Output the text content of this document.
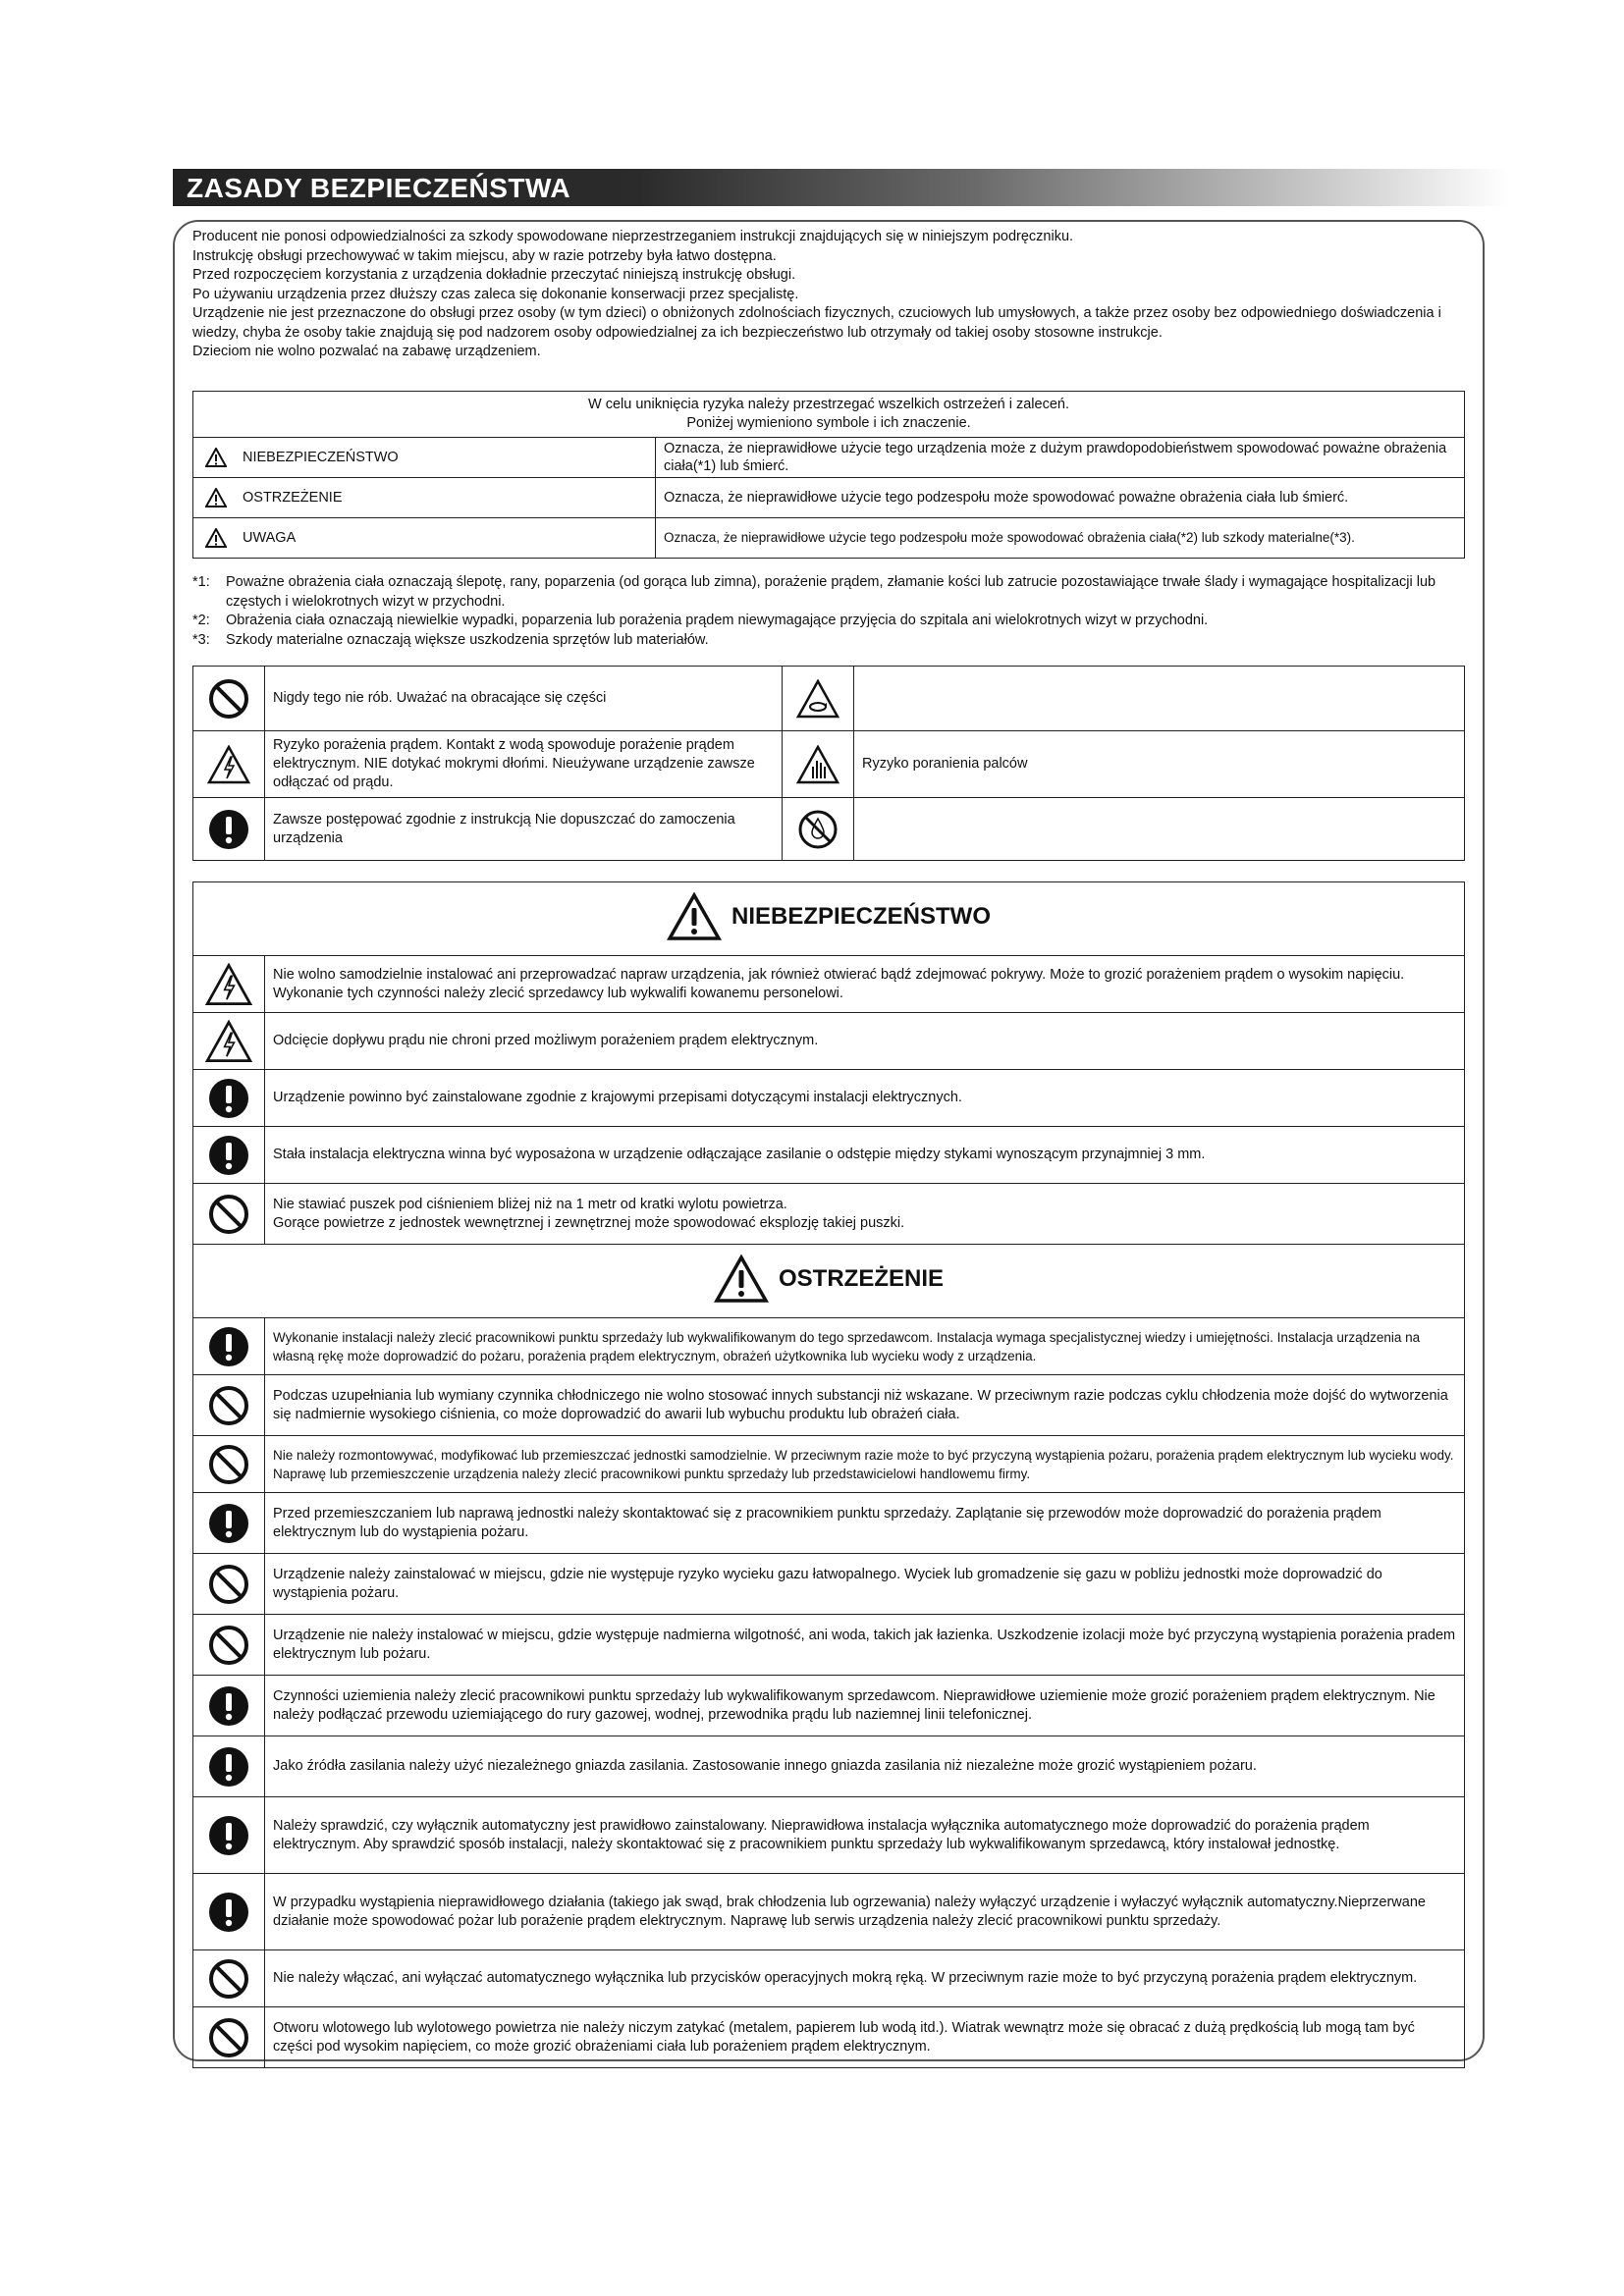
ZASADY BEZPIECZEŃSTWA

Producent nie ponosi odpowiedzialności za szkody spowodowane nieprzestrzeganiem instrukcji znajdujących się w niniejszym podręczniku.

Instrukcję obsługi przechowywać w takim miejscu, aby w razie potrzeby była łatwo dostępna.

Przed rozpoczęciem korzystania z urządzenia dokładnie przeczytać niniejszą instrukcję obsługi.

Po używaniu urządzenia przez dłuższy czas zaleca się dokonanie konserwacji przez specjalistę.

Urządzenie nie jest przeznaczone do obsługi przez osoby (w tym dzieci) o obniżonych zdolnościach fizycznych, czuciowych lub umysłowych, a także przez osoby bez odpowiedniego doświadczenia i wiedzy, chyba że osoby takie znajdują się pod nadzorem osoby odpowiedzialnej za ich bezpieczeństwo lub otrzymały od takiej osoby stosowne instrukcje.

Dzieciom nie wolno pozwalać na zabawę urządzeniem.

W celu uniknięcia ryzyka należy przestrzegać wszelkich ostrzeżeń i zaleceń.
Poniżej wymieniono symbole i ich znaczenie.	

NIEBEZPIECZEŃSTWO	Oznacza, że nieprawidłowe użycie tego urządzenia może z dużym prawdopodobieństwem spowodować poważne obrażenia ciała(*1) lub śmierć.

OSTRZEŻENIE	Oznacza, że nieprawidłowe użycie tego podzespołu może spowodować poważne obrażenia ciała lub śmierć.

UWAGA	Oznacza, że nieprawidłowe użycie tego podzespołu może spowodować obrażenia ciała(*2) lub szkody materialne(*3).
*1:	Poważne obrażenia ciała oznaczają ślepotę, rany, poparzenia (od gorąca lub zimna), porażenie prądem, złamanie kości lub zatrucie pozostawiające trwałe ślady i wymagające hospitalizacji lub częstych i wielokrotnych wizyt w przychodni.
*2:	Obrażenia ciała oznaczają niewielkie wypadki, poparzenia lub porażenia prądem niewymagające przyjęcia do szpitala ani wielokrotnych wizyt w przychodni.
*3:	Szkody materialne oznaczają większe uszkodzenia sprzętów lub materiałów.
	Nigdy tego nie rób. Uważać na obracające się części	

	Ryzyko porażenia prądem. Kontakt z wodą spowoduje porażenie prądem elektrycznym. NIE dotykać mokrymi dłońmi. Nieużywane urządzenie zawsze odłączać od prądu.		Ryzyko poranienia palców

	Zawsze postępować zgodnie z instrukcją Nie dopuszczać do zamoczenia urządzenia	

NIEBEZPIECZEŃSTWO	

	Nie wolno samodzielnie instalować ani przeprowadzać napraw urządzenia, jak również otwierać bądź zdejmować pokrywy. Może to grozić porażeniem prądem o wysokim napięciu. Wykonanie tych czynności należy zlecić sprzedawcy lub wykwalifi kowanemu personelowi.

	Odcięcie dopływu prądu nie chroni przed możliwym porażeniem prądem elektrycznym.

	Urządzenie powinno być zainstalowane zgodnie z krajowymi przepisami dotyczącymi instalacji elektrycznych.

	Stała instalacja elektryczna winna być wyposażona w urządzenie odłączające zasilanie o odstępie między stykami wynoszącym przynajmniej 3 mm.

	Nie stawiać puszek pod ciśnieniem bliżej niż na 1 metr od kratki wylotu powietrza.
Gorące powietrze z jednostek wewnętrznej i zewnętrznej może spowodować eksplozję takiej puszki.

OSTRZEŻENIE	

	Wykonanie instalacji należy zlecić pracownikowi punktu sprzedaży lub wykwalifikowanym do tego sprzedawcom. Instalacja wymaga specjalistycznej wiedzy i umiejętności. Instalacja urządzenia na własną rękę może doprowadzić do pożaru, porażenia prądem elektrycznym, obrażeń użytkownika lub wycieku wody z urządzenia.

	Podczas uzupełniania lub wymiany czynnika chłodniczego nie wolno stosować innych substancji niż wskazane. W przeciwnym razie podczas cyklu chłodzenia może dojść do wytworzenia się nadmiernie wysokiego ciśnienia, co może doprowadzić do awarii lub wybuchu produktu lub obrażeń ciała.

	Nie należy rozmontowywać, modyfikować lub przemieszczać jednostki samodzielnie. W przeciwnym razie może to być przyczyną wystąpienia pożaru, porażenia prądem elektrycznym lub wycieku wody. Naprawę lub przemieszczenie urządzenia należy zlecić pracownikowi punktu sprzedaży lub przedstawicielowi handlowemu firmy.

	Przed przemieszczaniem lub naprawą jednostki należy skontaktować się z pracownikiem punktu sprzedaży. Zaplątanie się przewodów może doprowadzić do porażenia prądem elektrycznym lub do wystąpienia pożaru.

	Urządzenie należy zainstalować w miejscu, gdzie nie występuje ryzyko wycieku gazu łatwopalnego. Wyciek lub gromadzenie się gazu w pobliżu jednostki może doprowadzić do wystąpienia pożaru.

	Urządzenie nie należy instalować w miejscu, gdzie występuje nadmierna wilgotność, ani woda, takich jak łazienka. Uszkodzenie izolacji może być przyczyną wystąpienia porażenia pradem elektrycznym lub pożaru.

	Czynności uziemienia należy zlecić pracownikowi punktu sprzedaży lub wykwalifikowanym sprzedawcom. Nieprawidłowe uziemienie może grozić porażeniem prądem elektrycznym. Nie należy podłączać przewodu uziemiającego do rury gazowej, wodnej, przewodnika prądu lub naziemnej linii telefonicznej.

	Jako źródła zasilania należy użyć niezależnego gniazda zasilania. Zastosowanie innego gniazda zasilania niż niezależne może grozić wystąpieniem pożaru.

	Należy sprawdzić, czy wyłącznik automatyczny jest prawidłowo zainstalowany. Nieprawidłowa instalacja wyłącznika automatycznego może doprowadzić do porażenia prądem elektrycznym. Aby sprawdzić sposób instalacji, należy skontaktować się z pracownikiem punktu sprzedaży lub wykwalifikowanym sprzedawcą, który instalował jednostkę.

	W przypadku wystąpienia nieprawidłowego działania (takiego jak swąd, brak chłodzenia lub ogrzewania) należy wyłączyć urządzenie i wyłaczyć wyłącznik automatyczny.Nieprzerwane działanie może spowodować pożar lub porażenie prądem elektrycznym. Naprawę lub serwis urządzenia należy zlecić pracownikowi punktu sprzedaży.

	Nie należy włączać, ani wyłączać automatycznego wyłącznika lub przycisków operacyjnych mokrą ręką. W przeciwnym razie może to być przyczyną porażenia prądem elektrycznym.

	Otworu wlotowego lub wylotowego powietrza nie należy niczym zatykać (metalem, papierem lub wodą itd.). Wiatrak wewnątrz może się obracać z dużą prędkością lub mogą tam być części pod wysokim napięciem, co może grozić obrażeniami ciała lub porażeniem prądem elektrycznym.
